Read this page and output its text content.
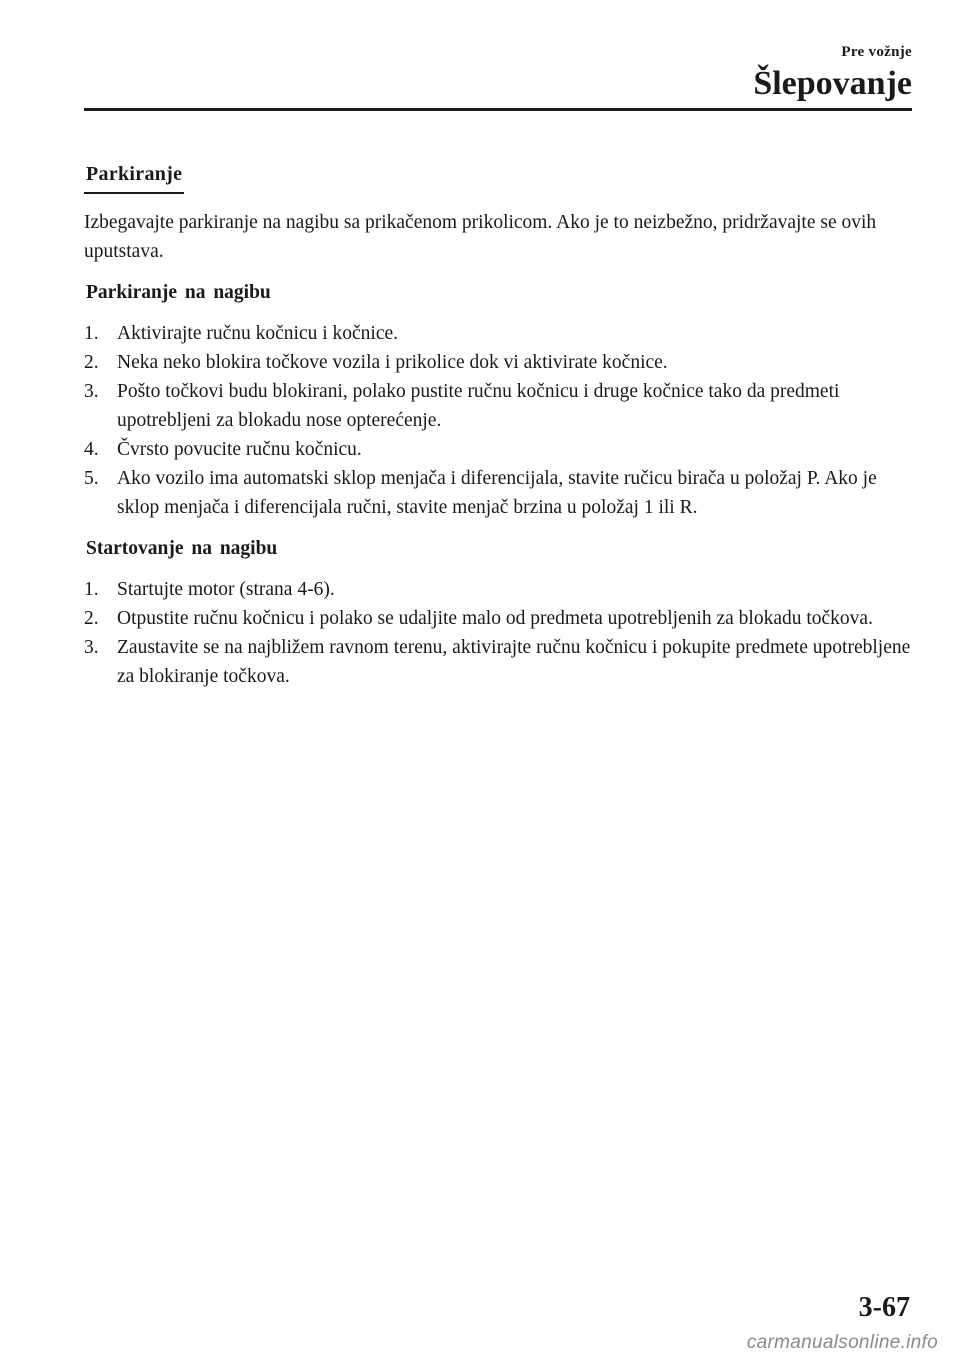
Pre vožnje
Šlepovanje
Parkiranje

Izbegavajte parkiranje na nagibu sa prikačenom prikolicom. Ako je to neizbežno, pridržavajte se ovih uputstava.

Parkiranje na nagibu
1. Aktivirajte ručnu kočnicu i kočnice.
2. Neka neko blokira točkove vozila i prikolice dok vi aktivirate kočnice.
3. Pošto točkovi budu blokirani, polako pustite ručnu kočnicu i druge kočnice tako da predmeti upotrebljeni za blokadu nose opterećenje.
4. Čvrsto povucite ručnu kočnicu.
5. Ako vozilo ima automatski sklop menjača i diferencijala, stavite ručicu birača u položaj P. Ako je sklop menjača i diferencijala ručni, stavite menjač brzina u položaj 1 ili R.
Startovanje na nagibu
1. Startujte motor (strana 4-6).
2. Otpustite ručnu kočnicu i polako se udaljite malo od predmeta upotrebljenih za blokadu točkova.
3. Zaustavite se na najbližem ravnom terenu, aktivirajte ručnu kočnicu i pokupite predmete upotrebljene za blokiranje točkova.
3-67
carmanualsonline.info
